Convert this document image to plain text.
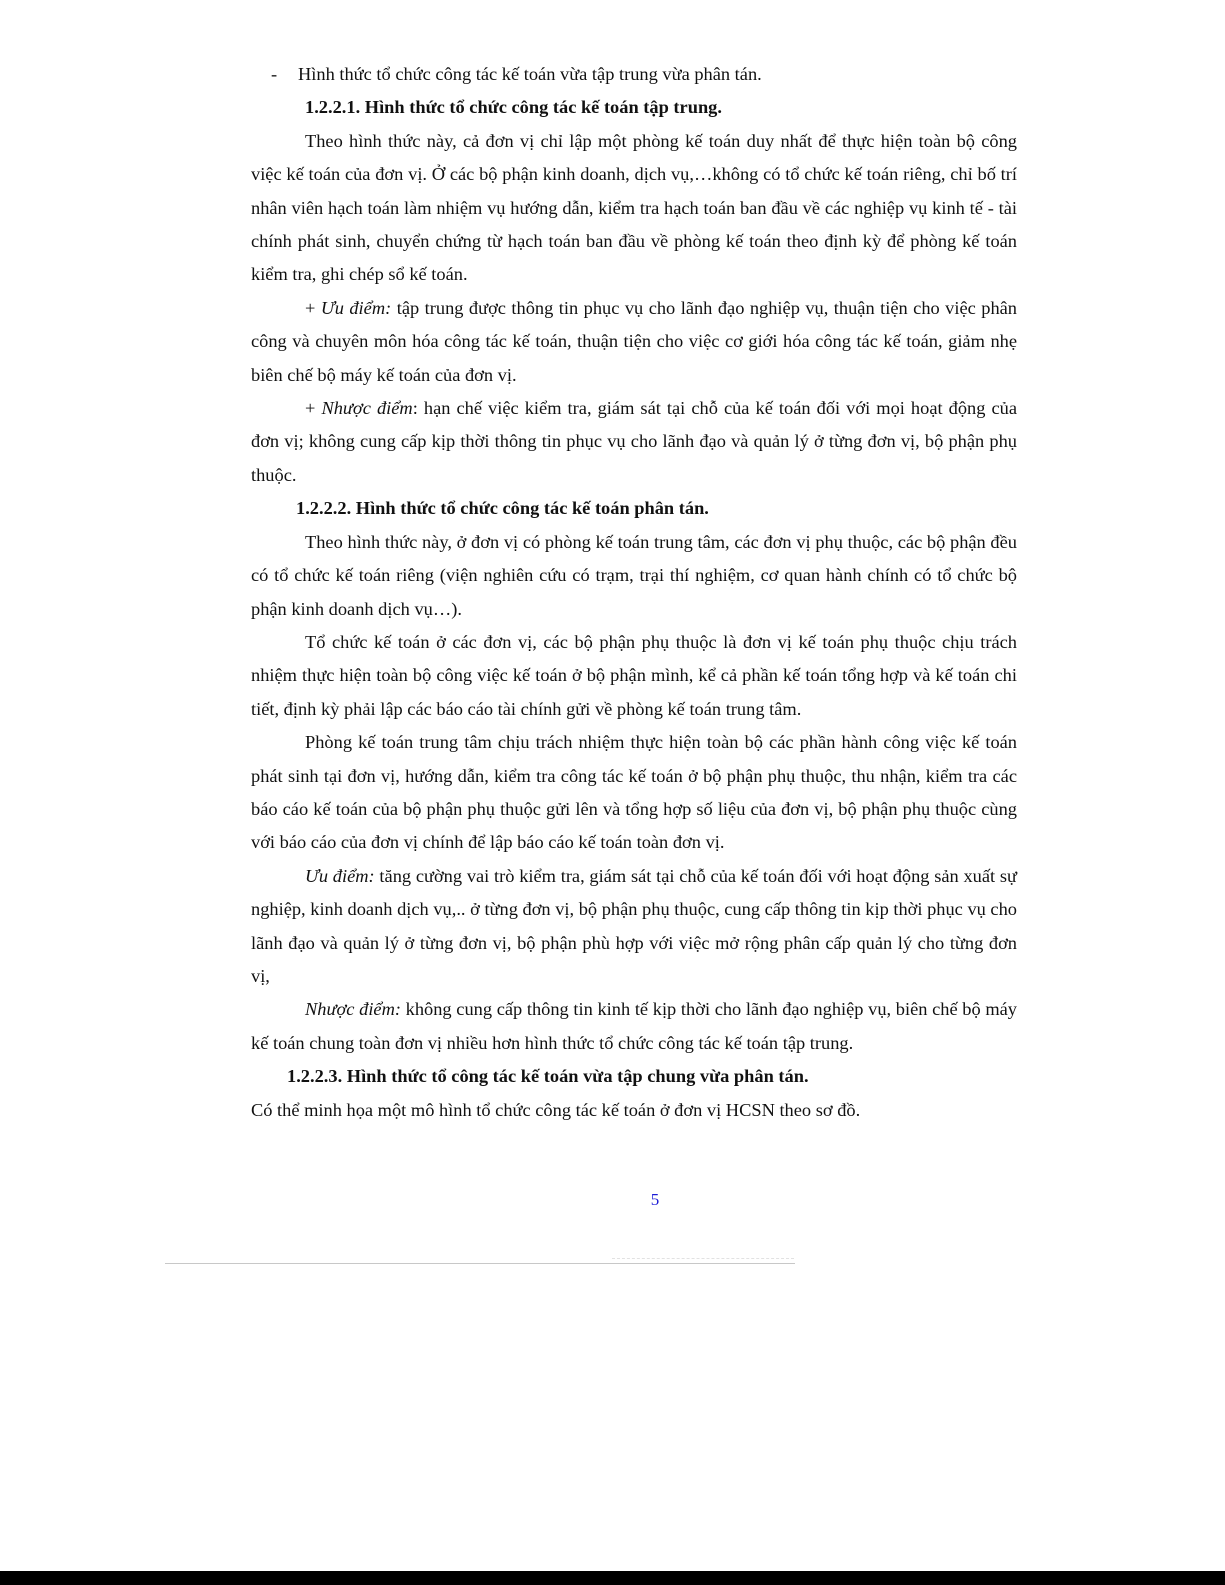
-	Hình thức tổ chức công tác kế toán vừa tập trung vừa phân tán.

1.2.2.1. Hình thức tổ chức công tác kế toán tập trung.

Theo hình thức này, cả đơn vị chỉ lập một phòng kế toán duy nhất để thực hiện toàn bộ công việc kế toán của đơn vị. Ở các bộ phận kinh doanh, dịch vụ,…không có tổ chức kế toán riêng, chỉ bố trí nhân viên hạch toán làm nhiệm vụ hướng dẫn, kiểm tra hạch toán ban đầu về các nghiệp vụ kinh tế - tài chính phát sinh, chuyển chứng từ hạch toán ban đầu về phòng kế toán theo định kỳ để phòng kế toán kiểm tra, ghi chép sổ kế toán.

+ Ưu điểm: tập trung được thông tin phục vụ cho lãnh đạo nghiệp vụ, thuận tiện cho việc phân công và chuyên môn hóa công tác kế toán, thuận tiện cho việc cơ giới hóa công tác kế toán, giảm nhẹ biên chế bộ máy kế toán của đơn vị.

+ Nhược điểm: hạn chế việc kiểm tra, giám sát tại chỗ của kế toán đối với mọi hoạt động của đơn vị; không cung cấp kịp thời thông tin phục vụ cho lãnh đạo và quản lý ở từng đơn vị, bộ phận phụ thuộc.

1.2.2.2. Hình thức tổ chức công tác kế toán phân tán.

Theo hình thức này, ở đơn vị có phòng kế toán trung tâm, các đơn vị phụ thuộc, các bộ phận đều có tổ chức kế toán riêng (viện nghiên cứu có trạm, trại thí nghiệm, cơ quan hành chính có tổ chức bộ phận kinh doanh dịch vụ…).

Tổ chức kế toán ở các đơn vị, các bộ phận phụ thuộc là đơn vị kế toán phụ thuộc chịu trách nhiệm thực hiện toàn bộ công việc kế toán ở bộ phận mình, kể cả phần kế toán tổng hợp và kế toán chi tiết, định kỳ phải lập các báo cáo tài chính gửi về phòng kế toán trung tâm.

Phòng kế toán trung tâm chịu trách nhiệm thực hiện toàn bộ các phần hành công việc kế toán phát sinh tại đơn vị, hướng dẫn, kiểm tra công tác kế toán ở bộ phận phụ thuộc, thu nhận, kiểm tra các báo cáo kế toán của bộ phận phụ thuộc gửi lên và tổng hợp số liệu của đơn vị, bộ phận phụ thuộc cùng với báo cáo của đơn vị chính để lập báo cáo kế toán toàn đơn vị.

Ưu điểm: tăng cường vai trò kiểm tra, giám sát tại chỗ của kế toán đối với hoạt động sản xuất sự nghiệp, kinh doanh dịch vụ,.. ở từng đơn vị, bộ phận phụ thuộc, cung cấp thông tin kịp thời phục vụ cho lãnh đạo và quản lý ở từng đơn vị, bộ phận phù hợp với việc mở rộng phân cấp quản lý cho từng đơn vị,

Nhược điểm: không cung cấp thông tin kinh tế kịp thời cho lãnh đạo nghiệp vụ, biên chế bộ máy kế toán chung toàn đơn vị nhiều hơn hình thức tổ chức công tác kế toán tập trung.

1.2.2.3. Hình thức tổ công tác kế toán vừa tập chung vừa phân tán.

Có thể minh họa một mô hình tổ chức công tác kế toán ở đơn vị HCSN theo sơ đồ.

5
